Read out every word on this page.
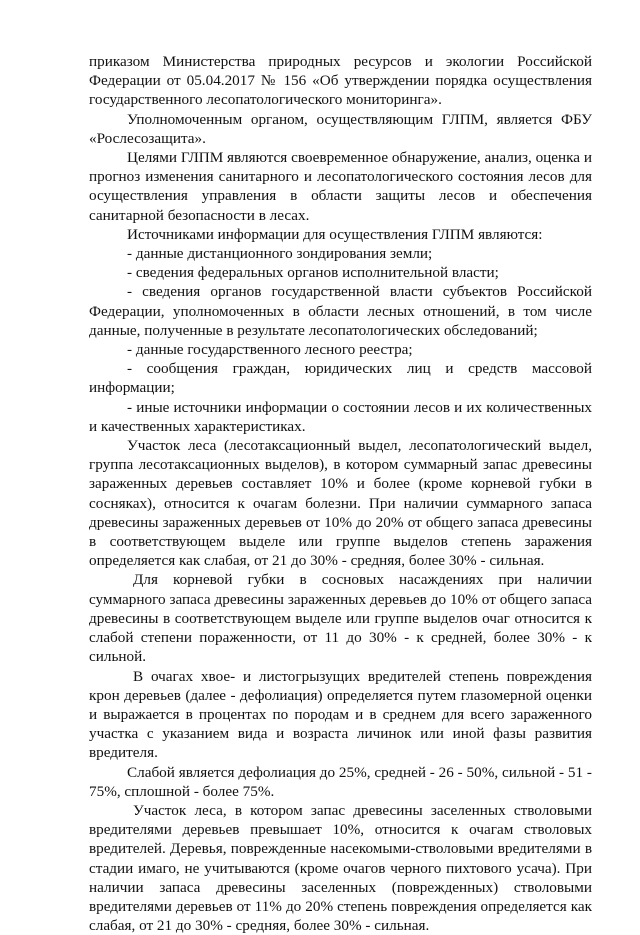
приказом Министерства природных ресурсов и экологии Российской Федерации от 05.04.2017 № 156 «Об утверждении порядка осуществления государственного лесопатологического мониторинга».

Уполномоченным органом, осуществляющим ГЛПМ, является ФБУ «Рослесозащита».

Целями ГЛПМ являются своевременное обнаружение, анализ, оценка и прогноз изменения санитарного и лесопатологического состояния лесов для осуществления управления в области защиты лесов и обеспечения санитарной безопасности в лесах.

Источниками информации для осуществления ГЛПМ являются:

- данные дистанционного зондирования земли;

- сведения федеральных органов исполнительной власти;

- сведения органов государственной власти субъектов Российской Федерации, уполномоченных в области лесных отношений, в том числе данные, полученные в результате лесопатологических обследований;

- данные государственного лесного реестра;

- сообщения граждан, юридических лиц и средств массовой информации;

- иные источники информации о состоянии лесов и их количественных и качественных характеристиках.

Участок леса (лесотаксационный выдел, лесопатологический выдел, группа лесотаксационных выделов), в котором суммарный запас древесины зараженных деревьев составляет 10% и более (кроме корневой губки в сосняках), относится к очагам болезни. При наличии суммарного запаса древесины зараженных деревьев от 10% до 20% от общего запаса древесины в соответствующем выделе или группе выделов степень заражения определяется как слабая, от 21 до 30% - средняя, более 30% - сильная.

Для корневой губки в сосновых насаждениях при наличии суммарного запаса древесины зараженных деревьев до 10% от общего запаса древесины в соответствующем выделе или группе выделов очаг относится к слабой степени пораженности, от 11 до 30% - к средней, более 30% - к сильной.

В очагах хвое- и листогрызущих вредителей степень повреждения крон деревьев (далее - дефолиация) определяется путем глазомерной оценки и выражается в процентах по породам и в среднем для всего зараженного участка с указанием вида и возраста личинок или иной фазы развития вредителя.

Слабой является дефолиация до 25%, средней - 26 - 50%, сильной - 51 - 75%, сплошной - более 75%.

Участок леса, в котором запас древесины заселенных стволовыми вредителями деревьев превышает 10%, относится к очагам стволовых вредителей. Деревья, поврежденные насекомыми-стволовыми вредителями в стадии имаго, не учитываются (кроме очагов черного пихтового усача). При наличии запаса древесины заселенных (поврежденных) стволовыми вредителями деревьев от 11% до 20% степень повреждения определяется как слабая, от 21 до 30% - средняя, более 30% - сильная.
